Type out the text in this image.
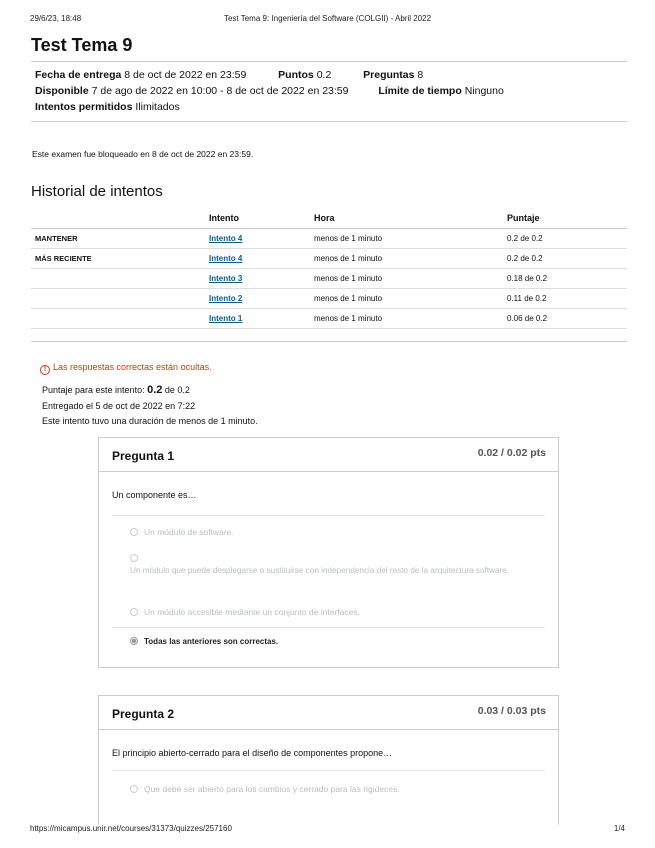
29/6/23, 18:48	Test Tema 9: Ingeniería del Software (COLGII) - Abril 2022
Test Tema 9
Fecha de entrega 8 de oct de 2022 en 23:59	Puntos 0.2	Preguntas 8
Disponible 7 de ago de 2022 en 10:00 - 8 de oct de 2022 en 23:59	Límite de tiempo Ninguno
Intentos permitidos Ilimitados

Este examen fue bloqueado en 8 de oct de 2022 en 23:59.

Historial de intentos
	Intento	Hora	Puntaje
MANTENER	Intento 4	menos de 1 minuto	0.2 de 0.2
MÁS RECIENTE	Intento 4	menos de 1 minuto	0.2 de 0.2
	Intento 3	menos de 1 minuto	0.18 de 0.2
	Intento 2	menos de 1 minuto	0.11 de 0.2
	Intento 1	menos de 1 minuto	0.06 de 0.2
! Las respuestas correctas están ocultas.
Puntaje para este intento: 0.2 de 0.2
Entregado el 5 de oct de 2022 en 7:22
Este intento tuvo una duración de menos de 1 minuto.
Pregunta 1	0.02 / 0.02 pts

Un componente es…

Un módulo de software.
Un módulo que puede desplegarse o sustituirse con independencia del resto de la arquitectura software.
Un módulo accesible mediante un conjunto de interfaces.
Todas las anteriores son correctas.
Pregunta 2	0.03 / 0.03 pts

El principio abierto-cerrado para el diseño de componentes propone…

Que debe ser abierto para los cambios y cerrado para las rigideces.
https://micampus.unir.net/courses/31373/quizzes/257160	1/4
